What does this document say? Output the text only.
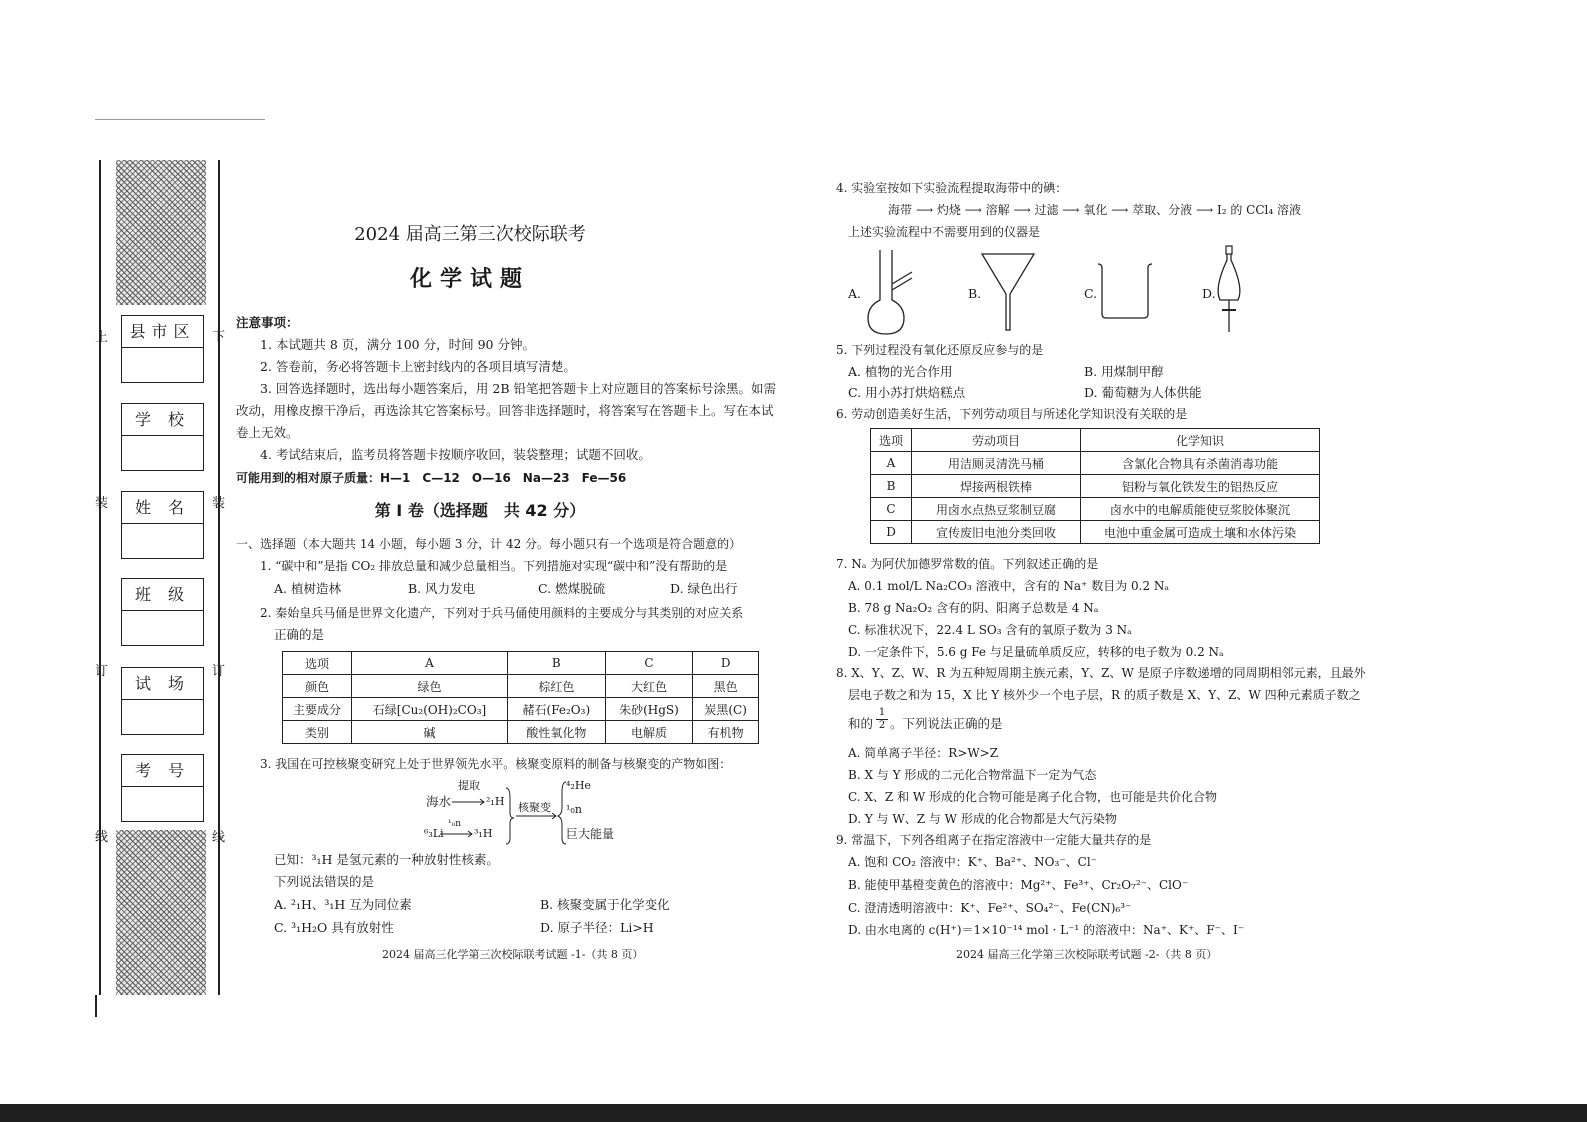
上
装
订
线
下
装
订
线
县市区
学 校
姓 名
班 级
试 场
考 号
2024 届高三第三次校际联考
化学试题
注意事项：
1. 本试题共 8 页，满分 100 分，时间 90 分钟。
2. 答卷前，务必将答题卡上密封线内的各项目填写清楚。
3. 回答选择题时，选出每小题答案后，用 2B 铅笔把答题卡上对应题目的答案标号涂黑。如需
改动，用橡皮擦干净后，再选涂其它答案标号。回答非选择题时，将答案写在答题卡上。写在本试
卷上无效。
4. 考试结束后，监考员将答题卡按顺序收回，装袋整理；试题不回收。
可能用到的相对原子质量：H—1　C—12　O—16　Na—23　Fe—56
第 Ⅰ 卷（选择题　共 42 分）
一、选择题（本大题共 14 小题，每小题 3 分，计 42 分。每小题只有一个选项是符合题意的）
1. “碳中和”是指 CO₂ 排放总量和减少总量相当。下列措施对实现“碳中和”没有帮助的是
A. 植树造林	B. 风力发电	C. 燃煤脱硫	D. 绿色出行
2. 秦始皇兵马俑是世界文化遗产，下列对于兵马俑使用颜料的主要成分与其类别的对应关系
正确的是
选项	A	B	C	D
颜色	绿色	棕红色	大红色	黑色
主要成分	石绿[Cu₂(OH)₂CO₃]	赭石(Fe₂O₃)	朱砂(HgS)	炭黑(C)
类别	碱	酸性氧化物	电解质	有机物
3. 我国在可控核聚变研究上处于世界领先水平。核聚变原料的制备与核聚变的产物如图：
海水
提取
²₁H
⁶₃Li
¹₀n
³₁H
核聚变
⁴₂He
¹₀n
巨大能量
已知：³₁H 是氢元素的一种放射性核素。
下列说法错误的是
A. ²₁H、³₁H 互为同位素	B. 核聚变属于化学变化
C. ³₁H₂O 具有放射性	D. 原子半径：Li>H
2024 届高三化学第三次校际联考试题 -1-（共 8 页）
4. 实验室按如下实验流程提取海带中的碘：
海带 ⟶ 灼烧 ⟶ 溶解 ⟶ 过滤 ⟶ 氧化 ⟶ 萃取、分液 ⟶ I₂ 的 CCl₄ 溶液
上述实验流程中不需要用到的仪器是
A.	B.	C.	D.
5. 下列过程没有氧化还原反应参与的是
A. 植物的光合作用	B. 用煤制甲醇
C. 用小苏打烘焙糕点	D. 葡萄糖为人体供能
6. 劳动创造美好生活，下列劳动项目与所述化学知识没有关联的是
选项	劳动项目	化学知识
A	用洁厕灵清洗马桶	含氯化合物具有杀菌消毒功能
B	焊接两根铁棒	铝粉与氧化铁发生的铝热反应
C	用卤水点热豆浆制豆腐	卤水中的电解质能使豆浆胶体聚沉
D	宣传废旧电池分类回收	电池中重金属可造成土壤和水体污染
7. Nₐ 为阿伏加德罗常数的值。下列叙述正确的是
A. 0.1 mol/L Na₂CO₃ 溶液中，含有的 Na⁺ 数目为 0.2 Nₐ
B. 78 g Na₂O₂ 含有的阴、阳离子总数是 4 Nₐ
C. 标准状况下，22.4 L SO₃ 含有的氧原子数为 3 Nₐ
D. 一定条件下，5.6 g Fe 与足量硫单质反应，转移的电子数为 0.2 Nₐ
8. X、Y、Z、W、R 为五种短周期主族元素，Y、Z、W 是原子序数递增的同周期相邻元素，且最外
层电子数之和为 15，X 比 Y 核外少一个电子层，R 的质子数是 X、Y、Z、W 四种元素质子数之
和的 $\frac{1}{2}$ 。下列说法正确的是
A. 简单离子半径：R>W>Z
B. X 与 Y 形成的二元化合物常温下一定为气态
C. X、Z 和 W 形成的化合物可能是离子化合物，也可能是共价化合物
D. Y 与 W、Z 与 W 形成的化合物都是大气污染物
9. 常温下，下列各组离子在指定溶液中一定能大量共存的是
A. 饱和 CO₂ 溶液中：K⁺、Ba²⁺、NO₃⁻、Cl⁻
B. 能使甲基橙变黄色的溶液中：Mg²⁺、Fe³⁺、Cr₂O₇²⁻、ClO⁻
C. 澄清透明溶液中：K⁺、Fe²⁺、SO₄²⁻、Fe(CN)₆³⁻
D. 由水电离的 c(H⁺)＝1×10⁻¹⁴ mol · L⁻¹ 的溶液中：Na⁺、K⁺、F⁻、I⁻
2024 届高三化学第三次校际联考试题 -2-（共 8 页）
